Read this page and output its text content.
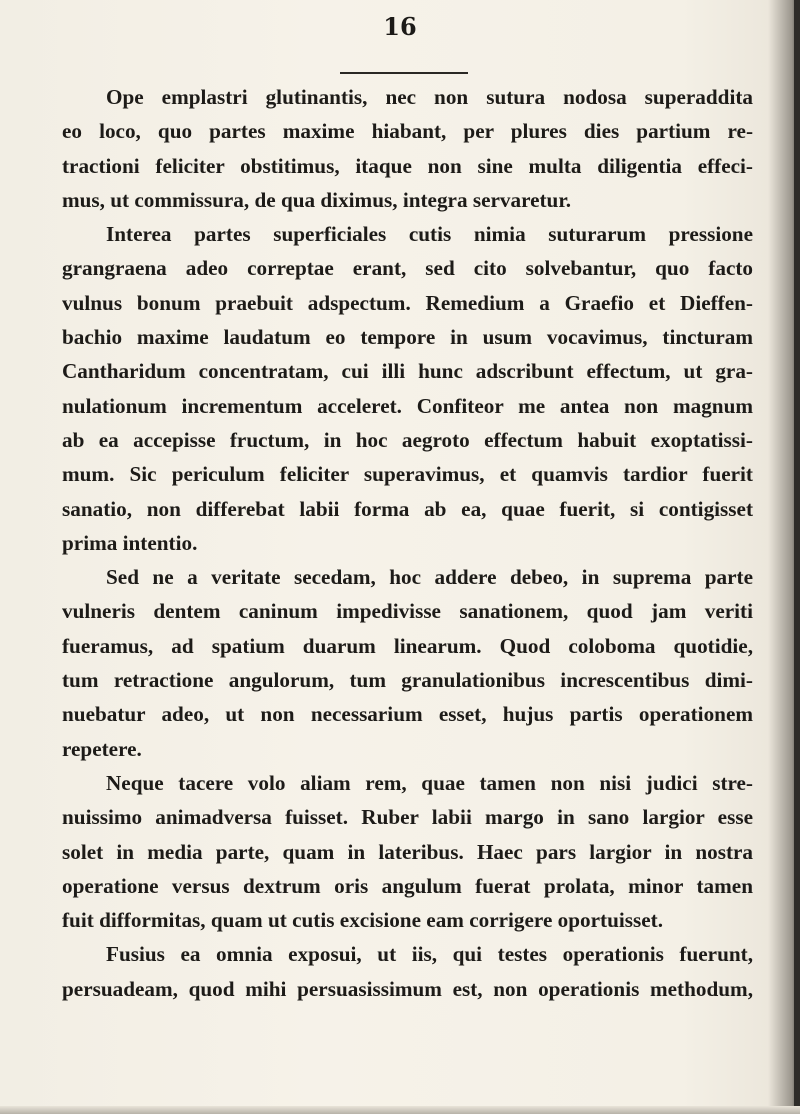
16
Ope emplastri glutinantis, nec non sutura nodosa superaddita
eo loco, quo partes maxime hiabant, per plures dies partium re-
tractioni feliciter obstitimus, itaque non sine multa diligentia effeci-
mus, ut commissura, de qua diximus, integra servaretur.
Interea partes superficiales cutis nimia suturarum pressione
grangraena adeo correptae erant, sed cito solvebantur, quo facto
vulnus bonum praebuit adspectum. Remedium a Graefio et Dieffen-
bachio maxime laudatum eo tempore in usum vocavimus, tincturam
Cantharidum concentratam, cui illi hunc adscribunt effectum, ut gra-
nulationum incrementum acceleret. Confiteor me antea non magnum
ab ea accepisse fructum, in hoc aegroto effectum habuit exoptatissi-
mum. Sic periculum feliciter superavimus, et quamvis tardior fuerit
sanatio, non differebat labii forma ab ea, quae fuerit, si contigisset
prima intentio.
Sed ne a veritate secedam, hoc addere debeo, in suprema parte
vulneris dentem caninum impedivisse sanationem, quod jam veriti
fueramus, ad spatium duarum linearum. Quod coloboma quotidie,
tum retractione angulorum, tum granulationibus increscentibus dimi-
nuebatur adeo, ut non necessarium esset, hujus partis operationem
repetere.
Neque tacere volo aliam rem, quae tamen non nisi judici stre-
nuissimo animadversa fuisset. Ruber labii margo in sano largior esse
solet in media parte, quam in lateribus. Haec pars largior in nostra
operatione versus dextrum oris angulum fuerat prolata, minor tamen
fuit difformitas, quam ut cutis excisione eam corrigere oportuisset.
Fusius ea omnia exposui, ut iis, qui testes operationis fuerunt,
persuadeam, quod mihi persuasissimum est, non operationis methodum,
